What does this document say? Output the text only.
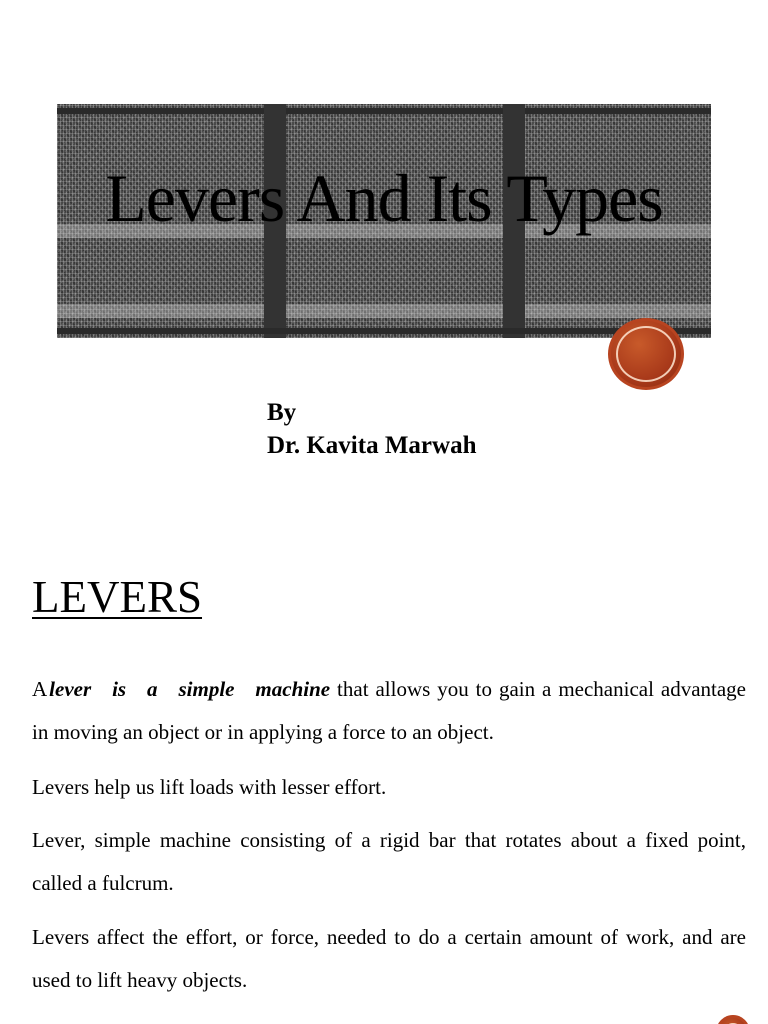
Levers And Its Types
By
Dr. Kavita Marwah
LEVERS
Alever is a simple machine that allows you to gain a mechanical advantage in moving an object or in applying a force to an object.
Levers help us lift loads with lesser effort.
Lever, simple machine consisting of a rigid bar that rotates about a fixed point, called a fulcrum.
Levers affect the effort, or force, needed to do a certain amount of work, and are used to lift heavy objects.
